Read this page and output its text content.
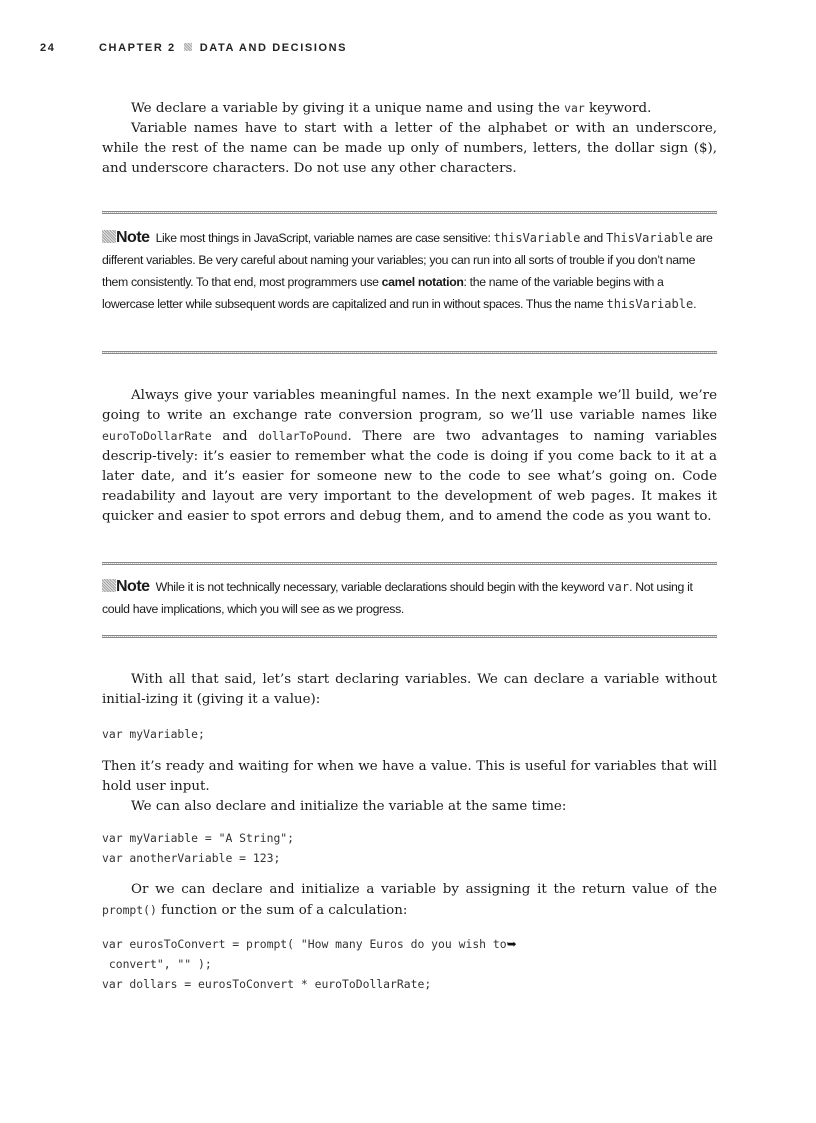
24	CHAPTER 2 DATA AND DECISIONS

We declare a variable by giving it a unique name and using the var keyword.

Variable names have to start with a letter of the alphabet or with an underscore, while the rest of the name can be made up only of numbers, letters, the dollar sign ($), and underscore characters. Do not use any other characters.

Note Like most things in JavaScript, variable names are case sensitive: thisVariable and ThisVariable are different variables. Be very careful about naming your variables; you can run into all sorts of trouble if you don’t name them consistently. To that end, most programmers use camel notation: the name of the variable begins with a lowercase letter while subsequent words are capitalized and run in without spaces. Thus the name thisVariable.

Always give your variables meaningful names. In the next example we’ll build, we’re going to write an exchange rate conversion program, so we’ll use variable names like euroToDollarRate and dollarToPound. There are two advantages to naming variables descrip-tively: it’s easier to remember what the code is doing if you come back to it at a later date, and it’s easier for someone new to the code to see what’s going on. Code readability and layout are very important to the development of web pages. It makes it quicker and easier to spot errors and debug them, and to amend the code as you want to.

Note While it is not technically necessary, variable declarations should begin with the keyword var. Not using it could have implications, which you will see as we progress.

With all that said, let’s start declaring variables. We can declare a variable without initial-izing it (giving it a value):

var myVariable;

Then it’s ready and waiting for when we have a value. This is useful for variables that will hold user input.

We can also declare and initialize the variable at the same time:

var myVariable = "A String";
var anotherVariable = 123;

Or we can declare and initialize a variable by assigning it the return value of the prompt() function or the sum of a calculation:

var eurosToConvert = prompt( "How many Euros do you wish to➥
convert", "" );
var dollars = eurosToConvert * euroToDollarRate;
